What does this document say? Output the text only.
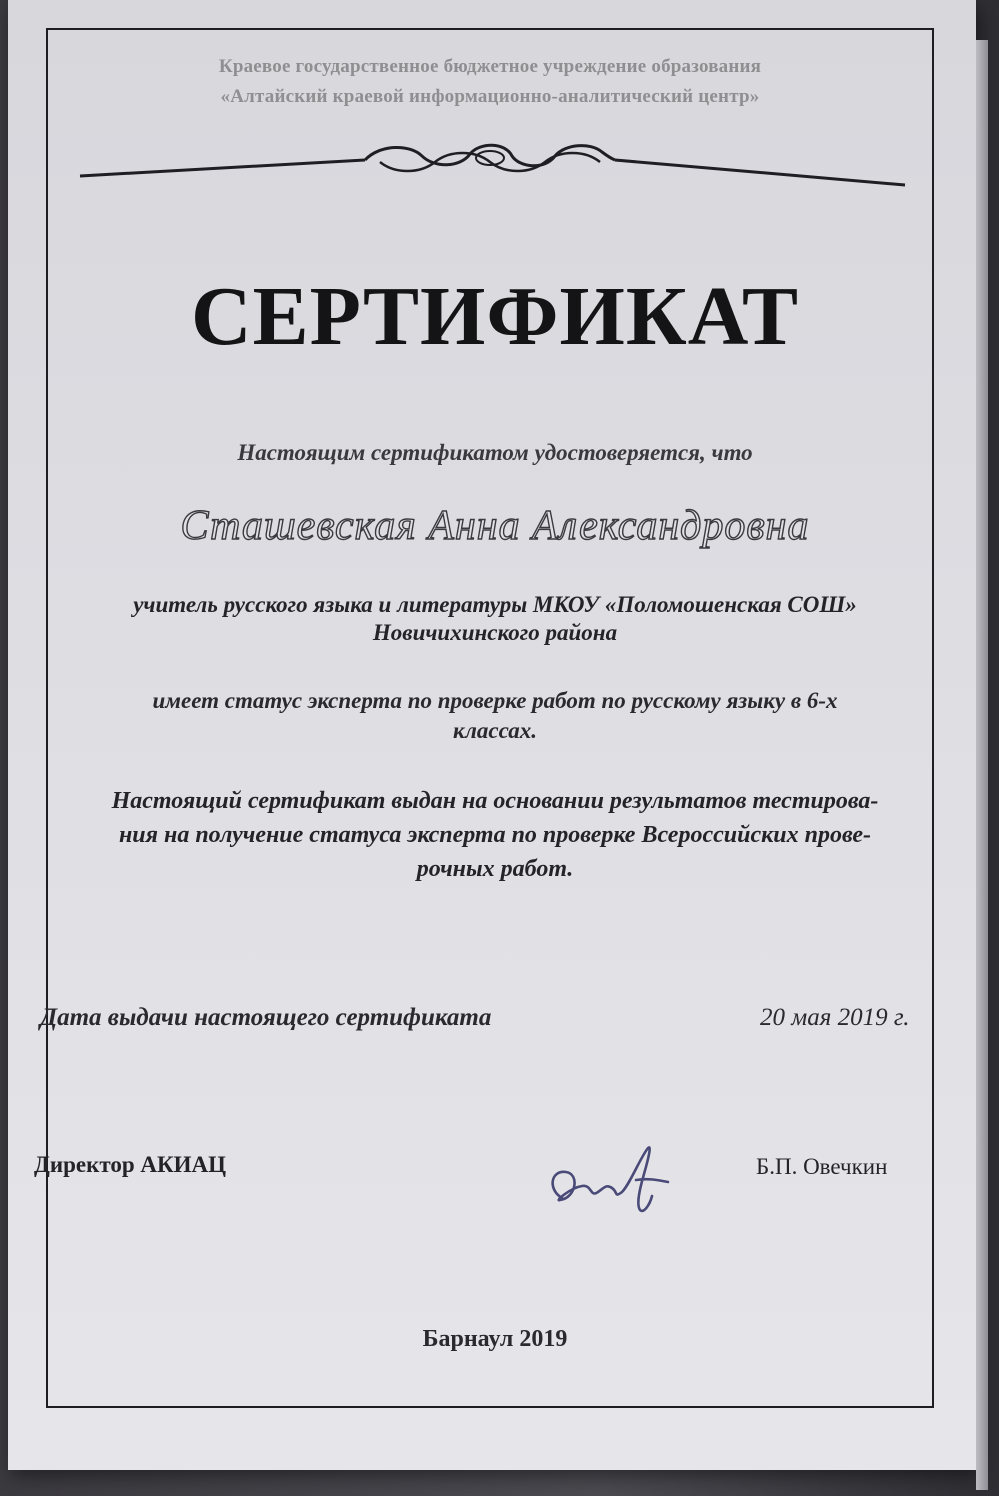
Краевое государственное бюджетное учреждение образования

«Алтайский краевой информационно-аналитический центр»

СЕРТИФИКАТ

Настоящим сертификатом удостоверяется, что

Сташевская Анна Александровна

учитель русского языка и литературы МКОУ «Поломошенская СОШ»

Новичихинского района

имеет статус эксперта по проверке работ по русскому языку в 6-х

классах.

Настоящий сертификат выдан на основании результатов тестирова-

ния на получение статуса эксперта по проверке Всероссийских прове-

рочных работ.

Дата выдачи настоящего сертификата	20 мая 2019 г.

Директор АКИАЦ	Б.П. Овечкин

Барнаул 2019
